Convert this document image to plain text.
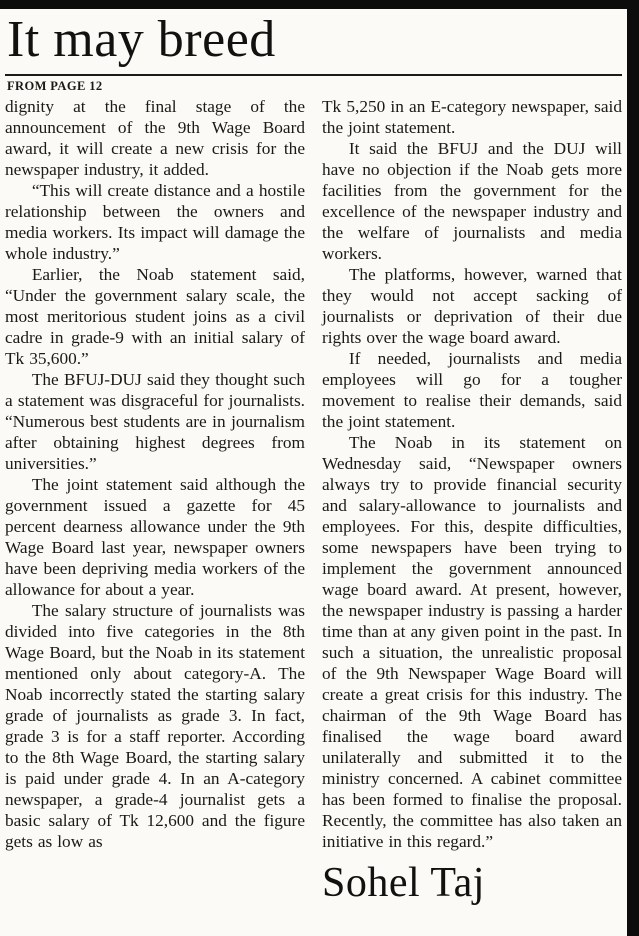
It may breed
FROM PAGE 12

dignity at the final stage of the announcement of the 9th Wage Board award, it will create a new crisis for the newspaper industry, it added.

“This will create distance and a hostile relationship between the owners and media workers. Its impact will damage the whole industry.”

Earlier, the Noab statement said, “Under the government salary scale, the most meritorious student joins as a civil cadre in grade-9 with an initial salary of Tk 35,600.”

The BFUJ-DUJ said they thought such a statement was disgraceful for journalists. “Numerous best students are in journalism after obtaining highest degrees from universities.”

The joint statement said although the government issued a gazette for 45 percent dearness allowance under the 9th Wage Board last year, newspaper owners have been depriving media workers of the allowance for about a year.

The salary structure of journalists was divided into five categories in the 8th Wage Board, but the Noab in its statement mentioned only about category-A. The Noab incorrectly stated the starting salary grade of journalists as grade 3. In fact, grade 3 is for a staff reporter. According to the 8th Wage Board, the starting salary is paid under grade 4. In an A-category newspaper, a grade-4 journalist gets a basic salary of Tk 12,600 and the figure gets as low as

Tk 5,250 in an E-category newspaper, said the joint statement.

It said the BFUJ and the DUJ will have no objection if the Noab gets more facilities from the government for the excellence of the newspaper industry and the welfare of journalists and media workers.

The platforms, however, warned that they would not accept sacking of journalists or deprivation of their due rights over the wage board award.

If needed, journalists and media employees will go for a tougher movement to realise their demands, said the joint statement.

The Noab in its statement on Wednesday said, “Newspaper owners always try to provide financial security and salary-allowance to journalists and employees. For this, despite difficulties, some newspapers have been trying to implement the government announced wage board award. At present, however, the newspaper industry is passing a harder time than at any given point in the past. In such a situation, the unrealistic proposal of the 9th Newspaper Wage Board will create a great crisis for this industry. The chairman of the 9th Wage Board has finalised the wage board award unilaterally and submitted it to the ministry concerned. A cabinet committee has been formed to finalise the proposal. Recently, the committee has also taken an initiative in this regard.”

Sohel Taj
